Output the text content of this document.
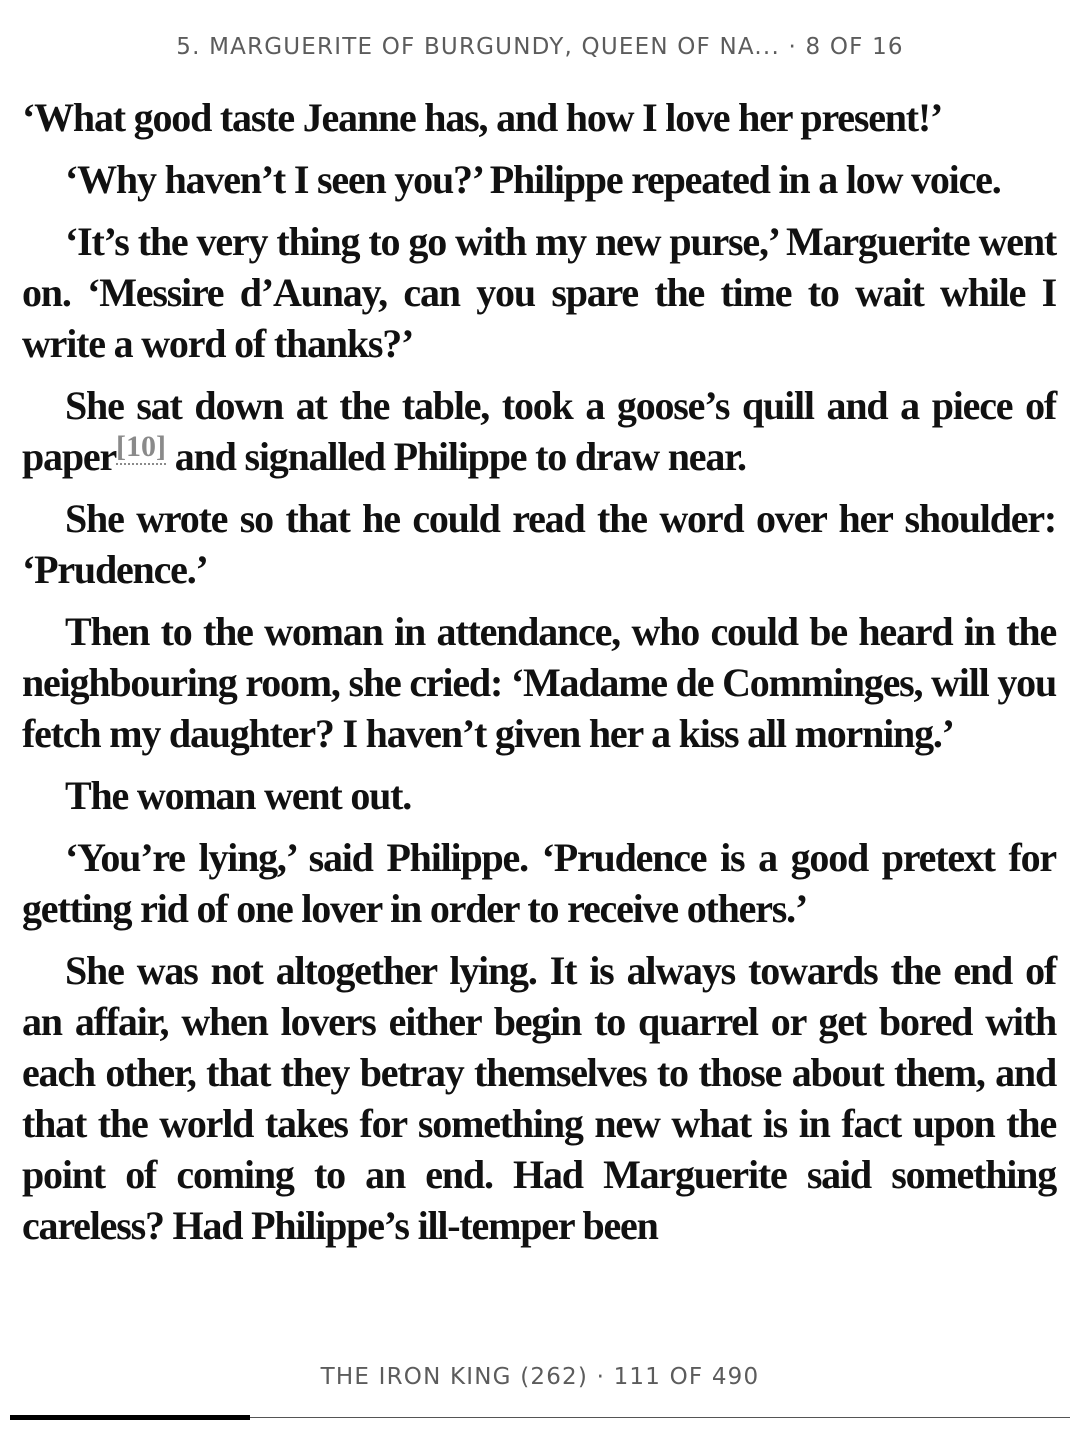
5. MARGUERITE OF BURGUNDY, QUEEN OF NA... · 8 OF 16

‘What good taste Jeanne has, and how I love her present!’

‘Why haven’t I seen you?’ Philippe repeated in a low voice.

‘It’s the very thing to go with my new purse,’ Marguerite went on. ‘Messire d’Aunay, can you spare the time to wait while I write a word of thanks?’

She sat down at the table, took a goose’s quill and a piece of paper[10] and signalled Philippe to draw near.

She wrote so that he could read the word over her shoulder: ‘Prudence.’

Then to the woman in attendance, who could be heard in the neighbouring room, she cried: ‘Madame de Comminges, will you fetch my daughter? I haven’t given her a kiss all morning.’

The woman went out.

‘You’re lying,’ said Philippe. ‘Prudence is a good pretext for getting rid of one lover in order to receive others.’

She was not altogether lying. It is always towards the end of an affair, when lovers either begin to quarrel or get bored with each other, that they betray themselves to those about them, and that the world takes for something new what is in fact upon the point of coming to an end. Had Marguerite said something careless? Had Philippe’s ill-temper been

THE IRON KING (262) · 111 OF 490
